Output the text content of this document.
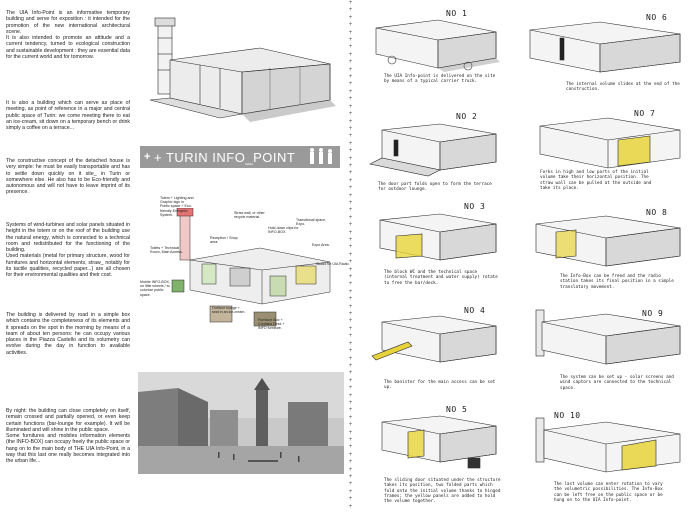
The UIA Info-Point is an informative temporary building and serve for exposition : it intended for the promotion of the new international architectural scene.
It is also intended to promote an attitude and a current tendency, turned to ecological construction and sustainable development : they are essential data for the current world and for tomorrow.
It is also a building which can serve as place of meeting, as point of reference in a major and central public space of Turin: we come meeting there to eat an ice-cream, sit down on a temporary bench or drink simply a coffee on a terrace...
The constructive concept of the detached house is very simple: he must be easily transportable and has to settle down quickly on it site_ in Turin or somewhere else. He also has to be Eco-friendly and autonomous and will not have to leave imprint of its presence.
Systems of wind-turbines and solar panels situated in height in the totem or on the roof of the building use the natural energy, which is connected to a technical room and redistributed for the functioning of the building.
Used materials (metal for primary structure, wood for furnitures and horizontal elements, straw_ notably for its tactile qualities, recycled paper...) are all chosen for their environmental qualities and their cost.
The building is delivered by road in a simple box which contains the completeness of its elements and it spreads on the spot in the morning by means of a team of about ten persons: he can occupy various places in the Piazza Castello and its volumetry can evolve during the day in function to available activities.
By night: the building can close completely on itself, remain crossed and partially opened, or even keep certain functions (bar-lounge for example). It will be illuminated and will shine in the public space.
Some furnitures and mobiles information elements (the INFO-BOX) can occupy freely the public space or hang on to the main body of THE UIA Info-Point, in a way that this last one really becomes integrated into the urban life...
+ + TURIN INFO_POINT
Totem + Lighting and Graphic sign in Public space + Eco-friendly Energetic System.
Toilets + Technical Room, Main Access.
Reception / Shop area.
Straw wall, or other recycle material.
Hold-down clips for INFO-BOX.
Transitional space, Expo.
Expo Area.
Studio for UIA Radio.
Mobile INFO-BOX, on little wheels / to colonize public space.
Outdoor lounge + seat in an ice-cream.
Furniture Box + Contains Desk + INFO furniture.
+
+
+
+
+
+
+
+
+
+
+
+
+
+
+
+
+
+
+
+
+
+
+
+
+
+
+
+
+
+
+
+
+
+
+
+
+
+
+
+
+
+
+
+
+
+
+
+
+
+
+
+
+
+
+
+
+
+
+
+
+
+
+
+
+
+
+
+
+

NO 1
The UIA Info-point is delivered on the site by means of a typical carrier truck.
NO 2
The door part folds open to form the terrace for outdoor lounge.
NO 3
The block WC and the technical space (internal treatment and water supply) rotate to free the bar/deck.
NO 4
The banister for the main access can be set up.
NO 5
The sliding door situated under the structure takes its position, two folded parts which fold onto the initial volume thanks to hinged frames; the yellow panels are added to hold the volume together.
NO 6
The internal volume slides at the end of the construction.
NO 7
Forks in high and low parts of the initial volume take their horizontal position. The straw wall can be pulled at the outside and take its place.
NO 8
The Info-Box can be freed and the radio station takes its final position in a simple translatory movement.
NO 9
The system can be set up - solar screens and wind captors are connected to the technical space.
NO 10
The last volume can enter rotation to vary the volumetric possibilities. The Info-Box can be left free on the public space or be hung on to the UIA Info-point.
